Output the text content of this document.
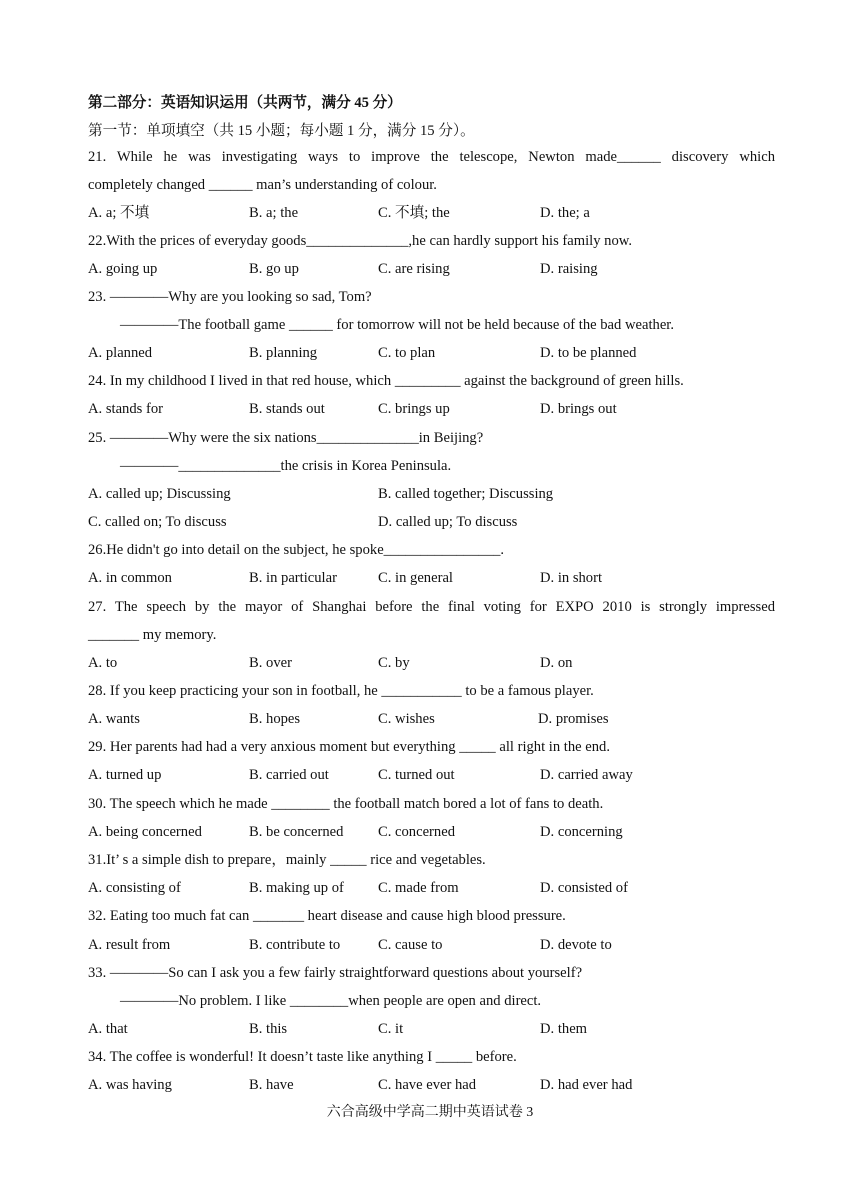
第二部分：英语知识运用（共两节，满分 45 分）
第一节：单项填空（共 15 小题；每小题 1 分，满分 15 分）。
21. While he was investigating ways to improve the telescope, Newton made______ discovery which
completely changed ______ man’s understanding of colour.
A. a; 不填	B. a; the	C. 不填; the	D. the; a
22.With the prices of everyday goods______________,he can hardly support his family now.
A. going up	B. go up	C. are rising	D. raising
23. ————Why are you looking so sad, Tom?
————The football game ______ for tomorrow will not be held because of the bad weather.
A. planned	B. planning	C. to plan	D. to be planned
24. In my childhood I lived in that red house, which _________ against the background of green hills.
A. stands for	B. stands out	C. brings up	D. brings out
25. ————Why were the six nations______________in Beijing?
————______________the crisis in Korea Peninsula.
A. called up; Discussing	B. called together; Discussing
C. called on; To discuss	D. called up; To discuss
26.He didn't go into detail on the subject, he spoke________________.
A. in common	B. in particular	C. in general	D. in short
27. The speech by the mayor of Shanghai before the final voting for EXPO 2010 is strongly impressed
_______ my memory.
A. to	B. over	C. by	D. on
28. If you keep practicing your son in football, he ___________ to be a famous player.
A. wants	B. hopes	C. wishes	D. promises
29. Her parents had had a very anxious moment but everything _____ all right in the end.
A. turned up	B. carried out	C. turned out	D. carried away
30. The speech which he made ________ the football match bored a lot of fans to death.
A. being concerned	B. be concerned C. concerned	D. concerning
31.It’ s a simple dish to prepare，mainly _____ rice and vegetables.
A. consisting of	B. making up of C. made from	D. consisted of
32. Eating too much fat can _______ heart disease and cause high blood pressure.
A. result from	B. contribute to	C. cause to	D. devote to
33. ————So can I ask you a few fairly straightforward questions about yourself?
————No problem. I like ________when people are open and direct.
A. that	B. this	C. it	D. them
34. The coffee is wonderful! It doesn’t taste like anything I _____ before.
A. was having	B. have	C. have ever had	D. had ever had
六合高级中学高二期中英语试卷 3
